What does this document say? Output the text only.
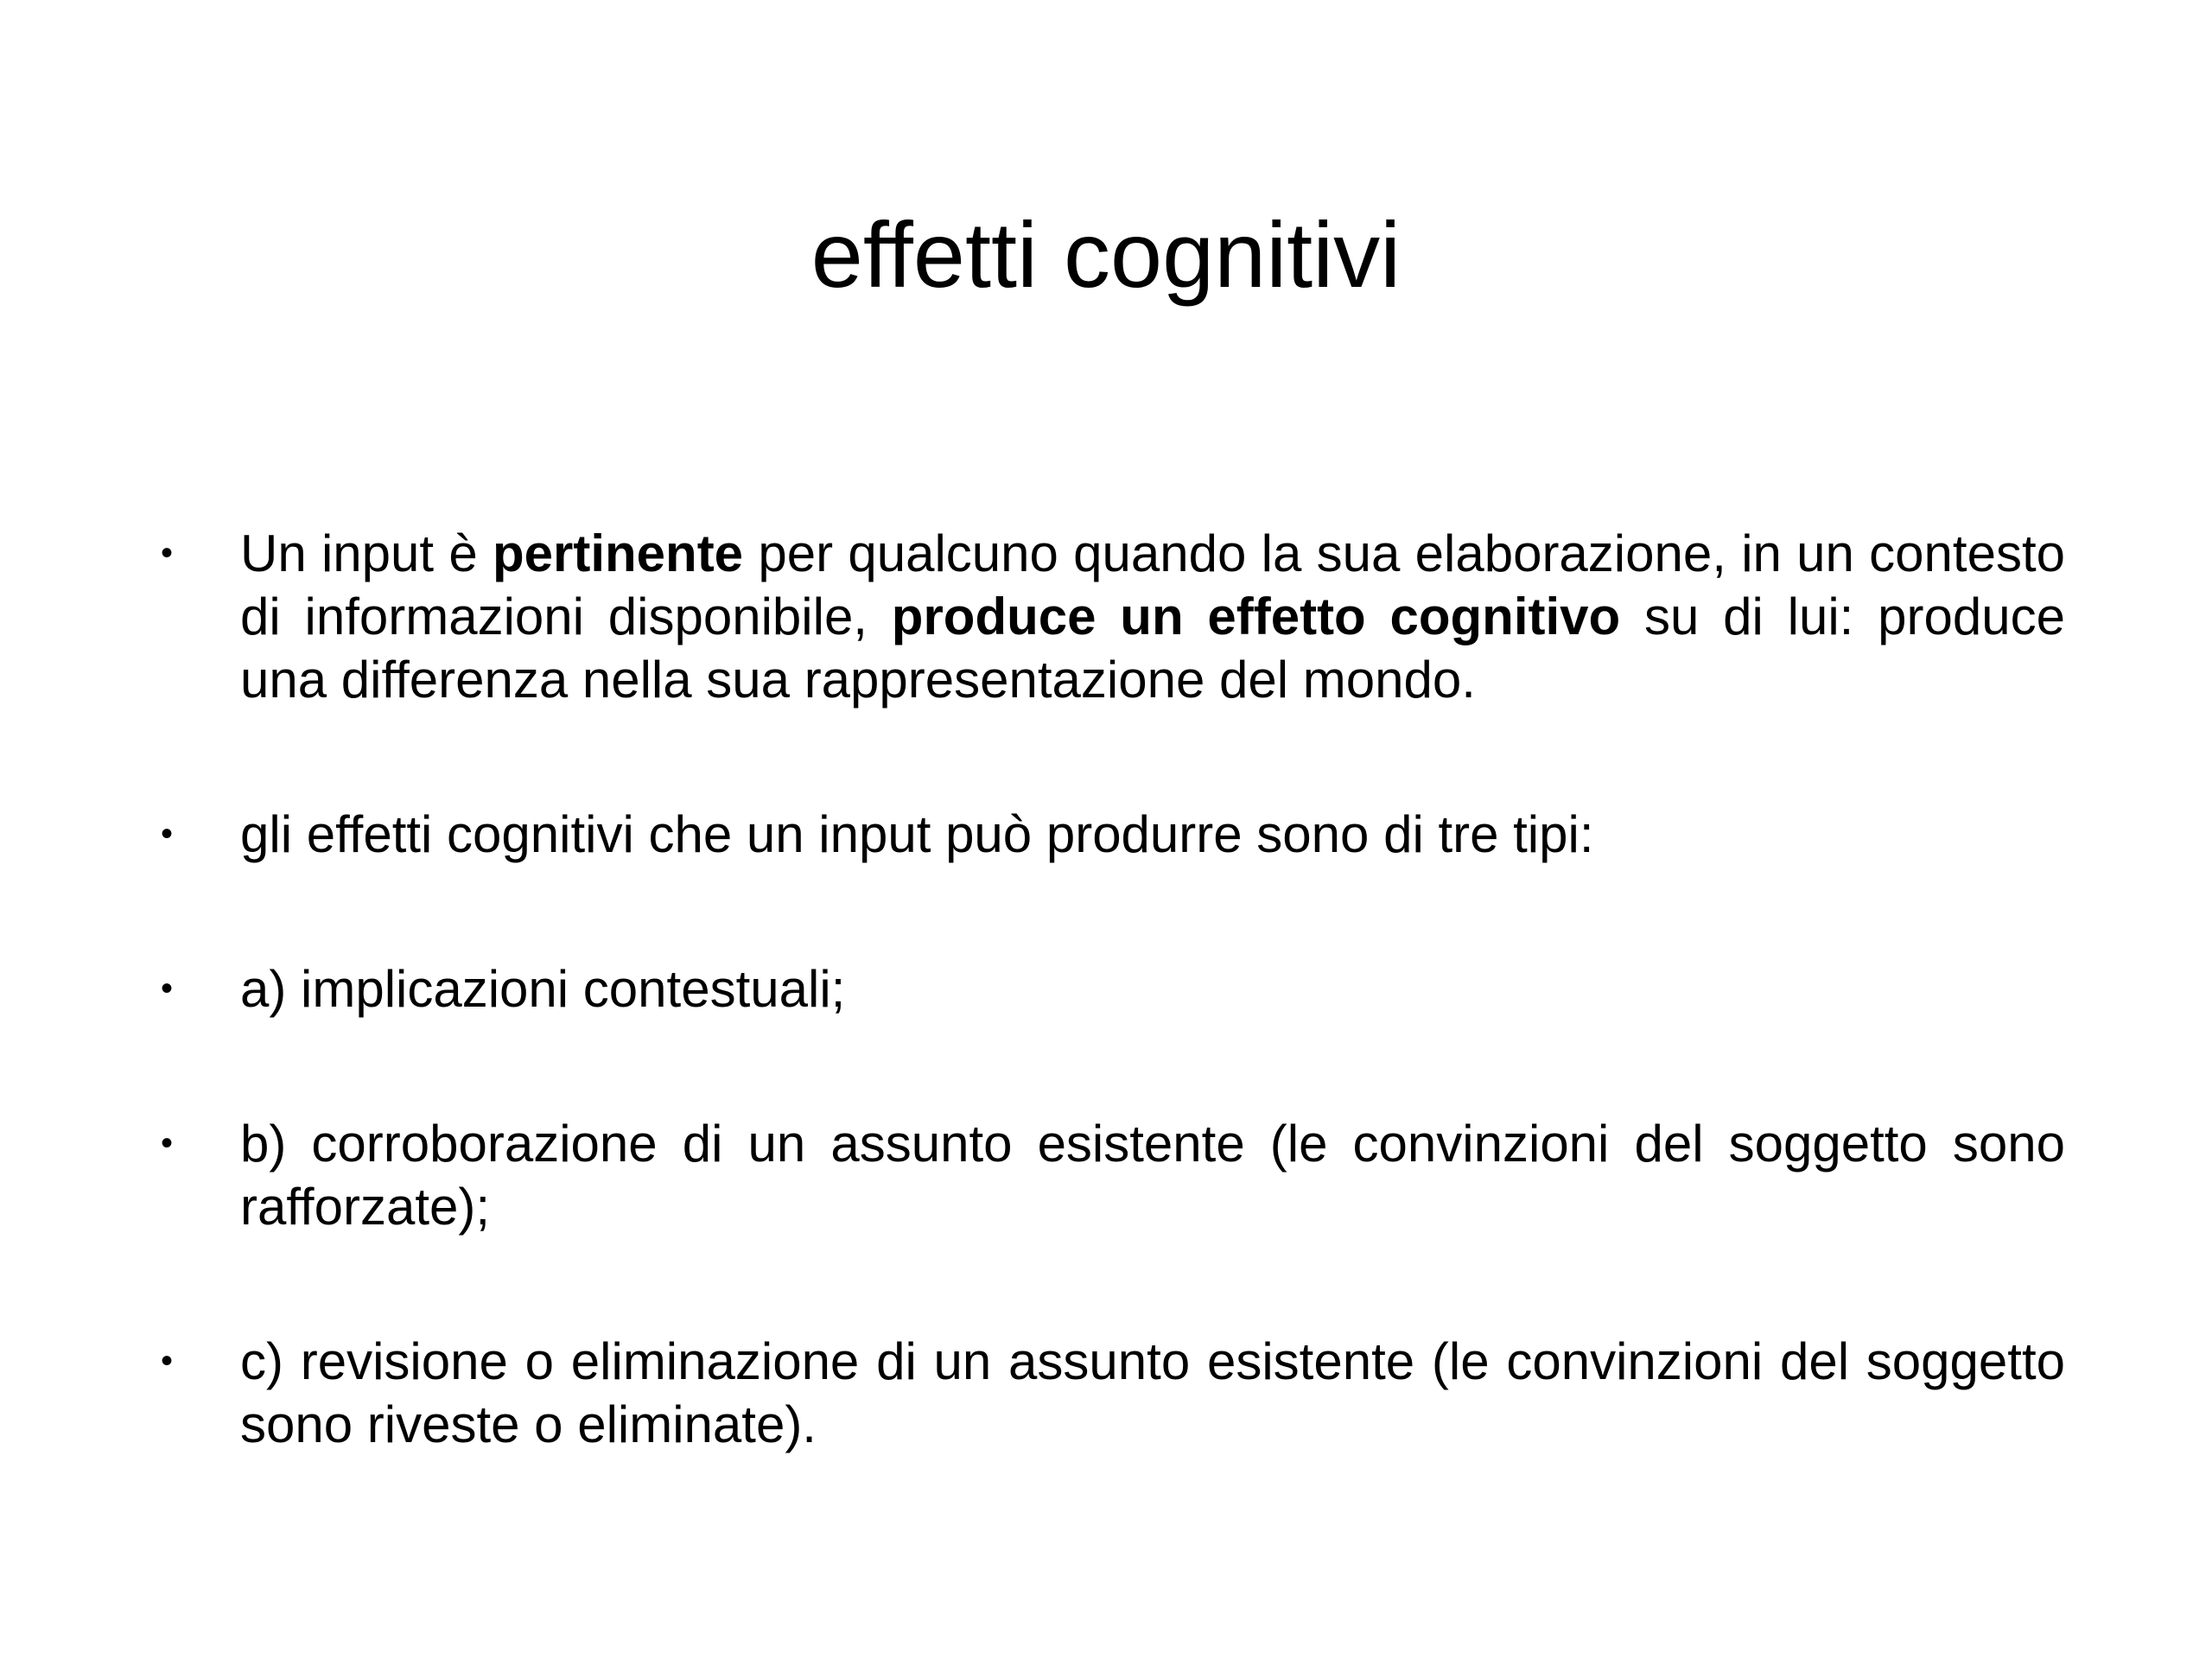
effetti cognitivi
• Un input è pertinente per qualcuno quando la sua elaborazione, in un contesto di informazioni disponibile, produce un effetto cognitivo su di lui: produce una differenza nella sua rappresentazione del mondo.
• gli effetti cognitivi che un input può produrre sono di tre tipi:
• a) implicazioni contestuali;
• b) corroborazione di un assunto esistente (le convinzioni del soggetto sono rafforzate);
• c) revisione o eliminazione di un assunto esistente (le convinzioni del soggetto sono riveste o eliminate).
